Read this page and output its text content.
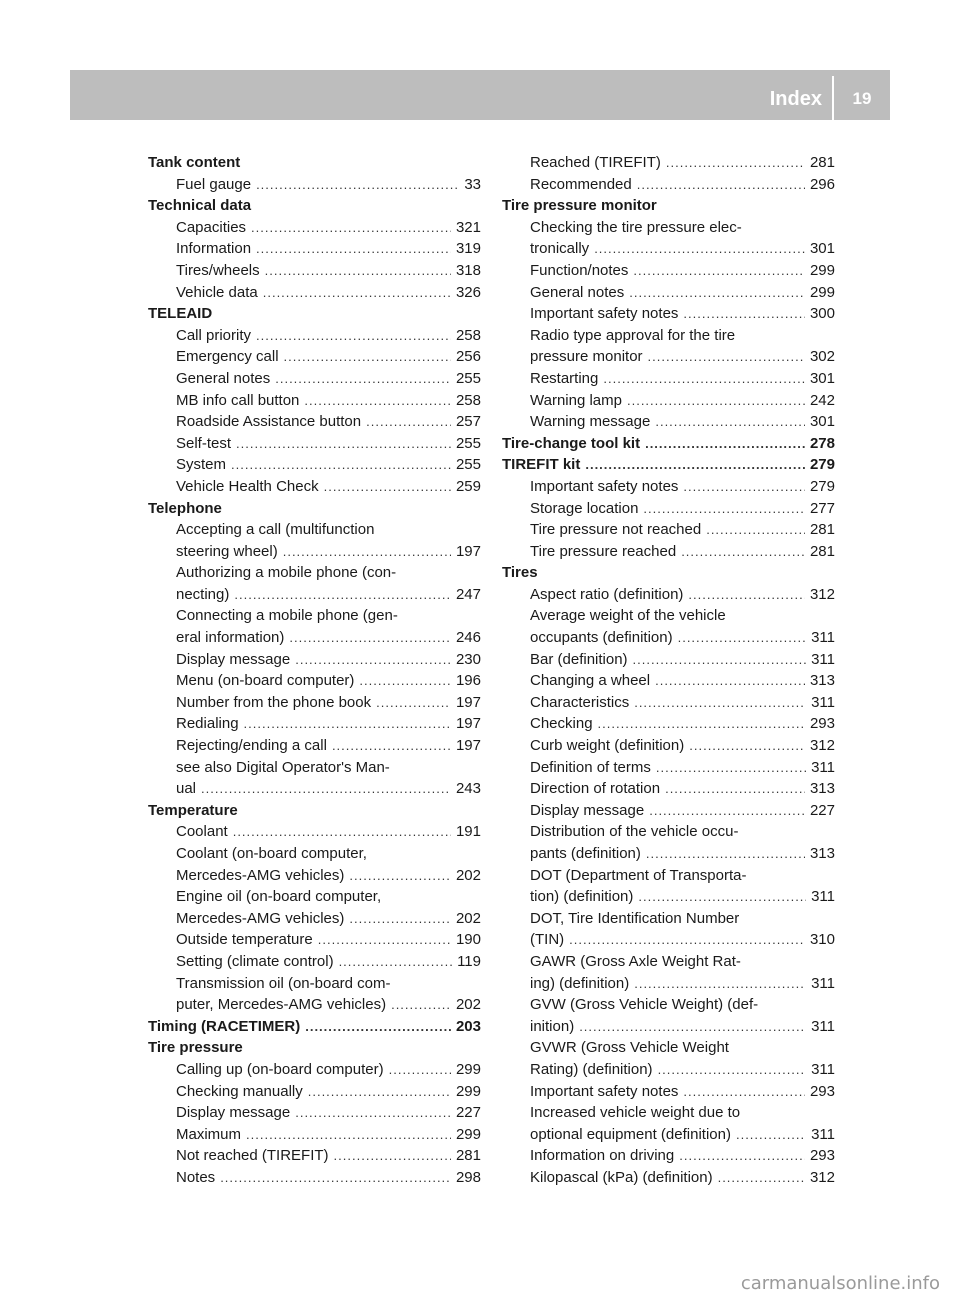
Index	19
Tank content
Fuel gauge .....	33
Technical data
Capacities .....	321
Information .....	319
Tires/wheels .....	318
Vehicle data .....	326
TELEAID
Call priority .....	258
Emergency call .....	256
General notes .....	255
MB info call button .....	258
Roadside Assistance button .....	257
Self-test .....	255
System .....	255
Vehicle Health Check .....	259
Telephone
Accepting a call (multifunction
steering wheel) .....	197
Authorizing a mobile phone (con-
necting) .....	247
Connecting a mobile phone (gen-
eral information) .....	246
Display message .....	230
Menu (on-board computer) .....	196
Number from the phone book .....	197
Redialing .....	197
Rejecting/ending a call .....	197
see also Digital Operator's Man-
ual .....	243
Temperature
Coolant .....	191
Coolant (on-board computer,
Mercedes-AMG vehicles) .....	202
Engine oil (on-board computer,
Mercedes-AMG vehicles) .....	202
Outside temperature .....	190
Setting (climate control) .....	119
Transmission oil (on-board com-
puter, Mercedes-AMG vehicles) .....	202
Timing (RACETIMER) .....	203
Tire pressure
Calling up (on-board computer) .....	299
Checking manually .....	299
Display message .....	227
Maximum .....	299
Not reached (TIREFIT) .....	281
Notes .....	298
Reached (TIREFIT) .....	281
Recommended .....	296
Tire pressure monitor
Checking the tire pressure elec-
tronically .....	301
Function/notes .....	299
General notes .....	299
Important safety notes .....	300
Radio type approval for the tire
pressure monitor .....	302
Restarting .....	301
Warning lamp .....	242
Warning message .....	301
Tire-change tool kit .....	278
TIREFIT kit .....	279
Important safety notes .....	279
Storage location .....	277
Tire pressure not reached .....	281
Tire pressure reached .....	281
Tires
Aspect ratio (definition) .....	312
Average weight of the vehicle
occupants (definition) .....	311
Bar (definition) .....	311
Changing a wheel .....	313
Characteristics .....	311
Checking .....	293
Curb weight (definition) .....	312
Definition of terms .....	311
Direction of rotation .....	313
Display message .....	227
Distribution of the vehicle occu-
pants (definition) .....	313
DOT (Department of Transporta-
tion) (definition) .....	311
DOT, Tire Identification Number
(TIN) .....	310
GAWR (Gross Axle Weight Rat-
ing) (definition) .....	311
GVW (Gross Vehicle Weight) (def-
inition) .....	311
GVWR (Gross Vehicle Weight
Rating) (definition) .....	311
Important safety notes .....	293
Increased vehicle weight due to
optional equipment (definition) .....	311
Information on driving .....	293
Kilopascal (kPa) (definition) .....	312
carmanualsonline.info
